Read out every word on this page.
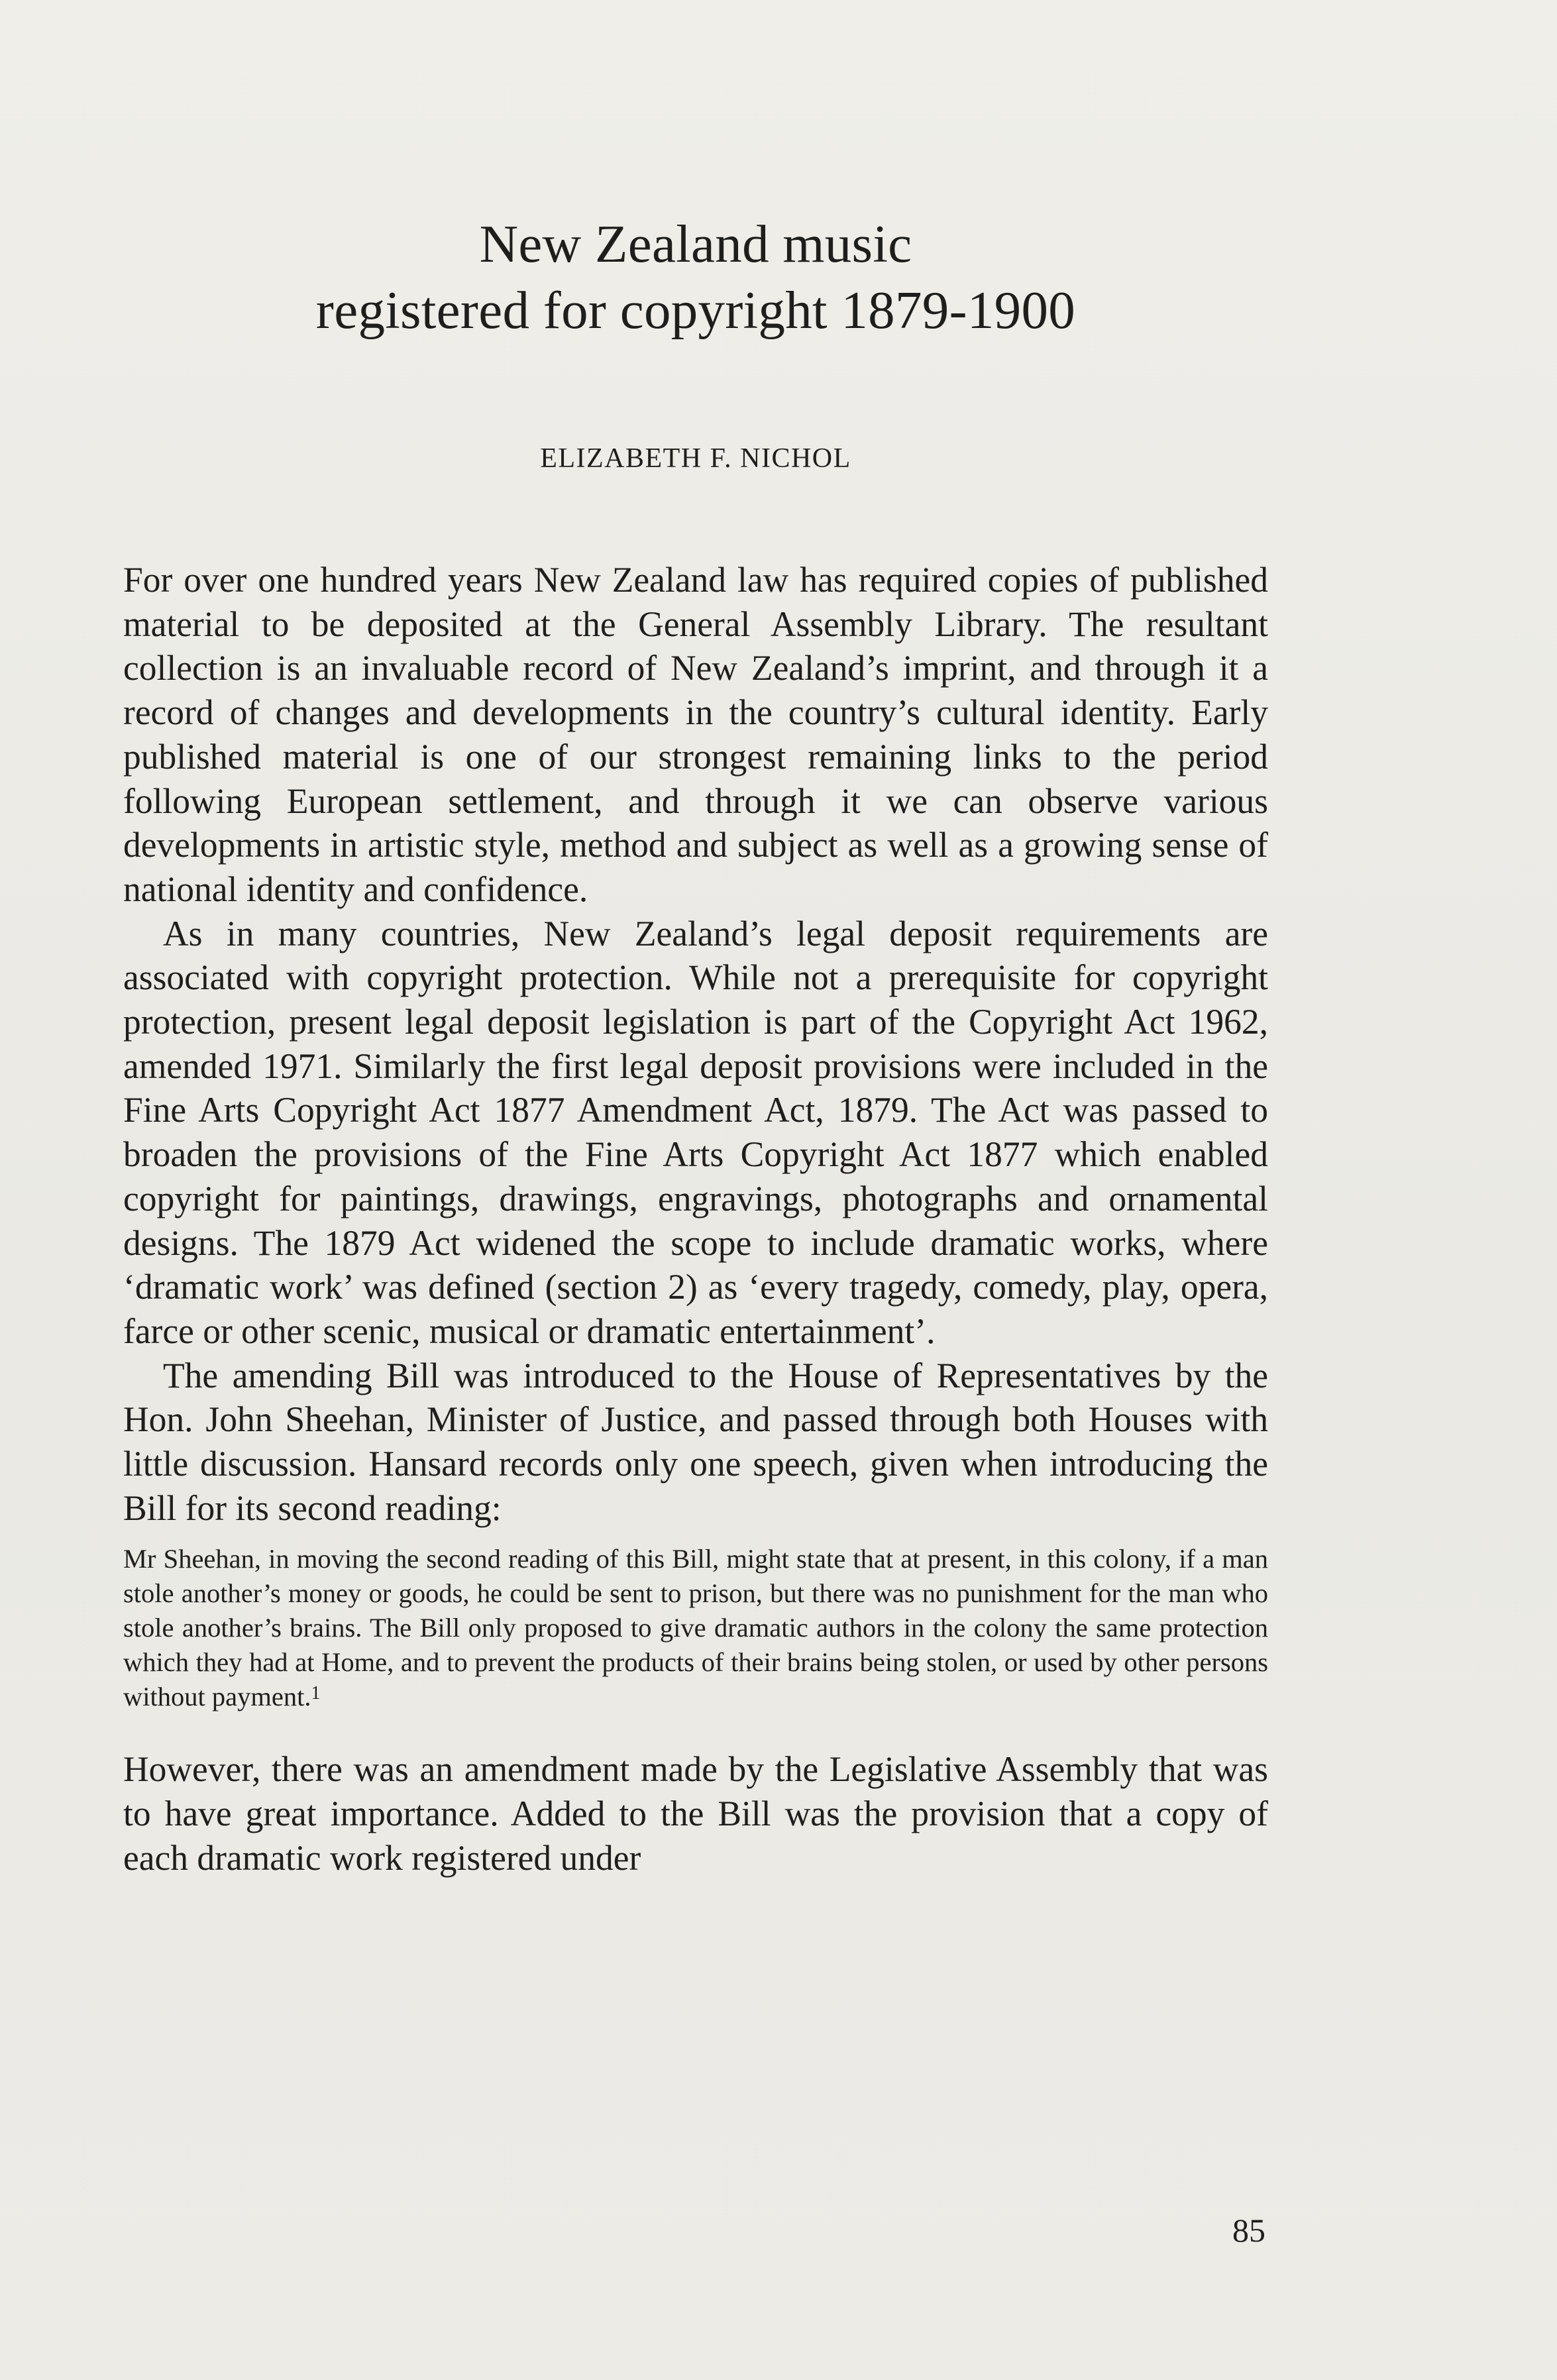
New Zealand music
registered for copyright 1879-1900

ELIZABETH F. NICHOL

For over one hundred years New Zealand law has required copies of published material to be deposited at the General Assembly Library. The resultant collection is an invaluable record of New Zealand’s imprint, and through it a record of changes and developments in the country’s cultural identity. Early published material is one of our strongest remaining links to the period following European settlement, and through it we can observe various developments in artistic style, method and subject as well as a growing sense of national identity and confidence.

As in many countries, New Zealand’s legal deposit requirements are associated with copyright protection. While not a prerequisite for copyright protection, present legal deposit legislation is part of the Copyright Act 1962, amended 1971. Similarly the first legal deposit provisions were included in the Fine Arts Copyright Act 1877 Amendment Act, 1879. The Act was passed to broaden the provisions of the Fine Arts Copyright Act 1877 which enabled copyright for paintings, drawings, engravings, photographs and ornamental designs. The 1879 Act widened the scope to include dramatic works, where ‘dramatic work’ was defined (section 2) as ‘every tragedy, comedy, play, opera, farce or other scenic, musical or dramatic entertainment’.

The amending Bill was introduced to the House of Representatives by the Hon. John Sheehan, Minister of Justice, and passed through both Houses with little discussion. Hansard records only one speech, given when introducing the Bill for its second reading:

Mr Sheehan, in moving the second reading of this Bill, might state that at present, in this colony, if a man stole another’s money or goods, he could be sent to prison, but there was no punishment for the man who stole another’s brains. The Bill only proposed to give dramatic authors in the colony the same protection which they had at Home, and to prevent the products of their brains being stolen, or used by other persons without payment.$^1$

However, there was an amendment made by the Legislative Assembly that was to have great importance. Added to the Bill was the provision that a copy of each dramatic work registered under

85
